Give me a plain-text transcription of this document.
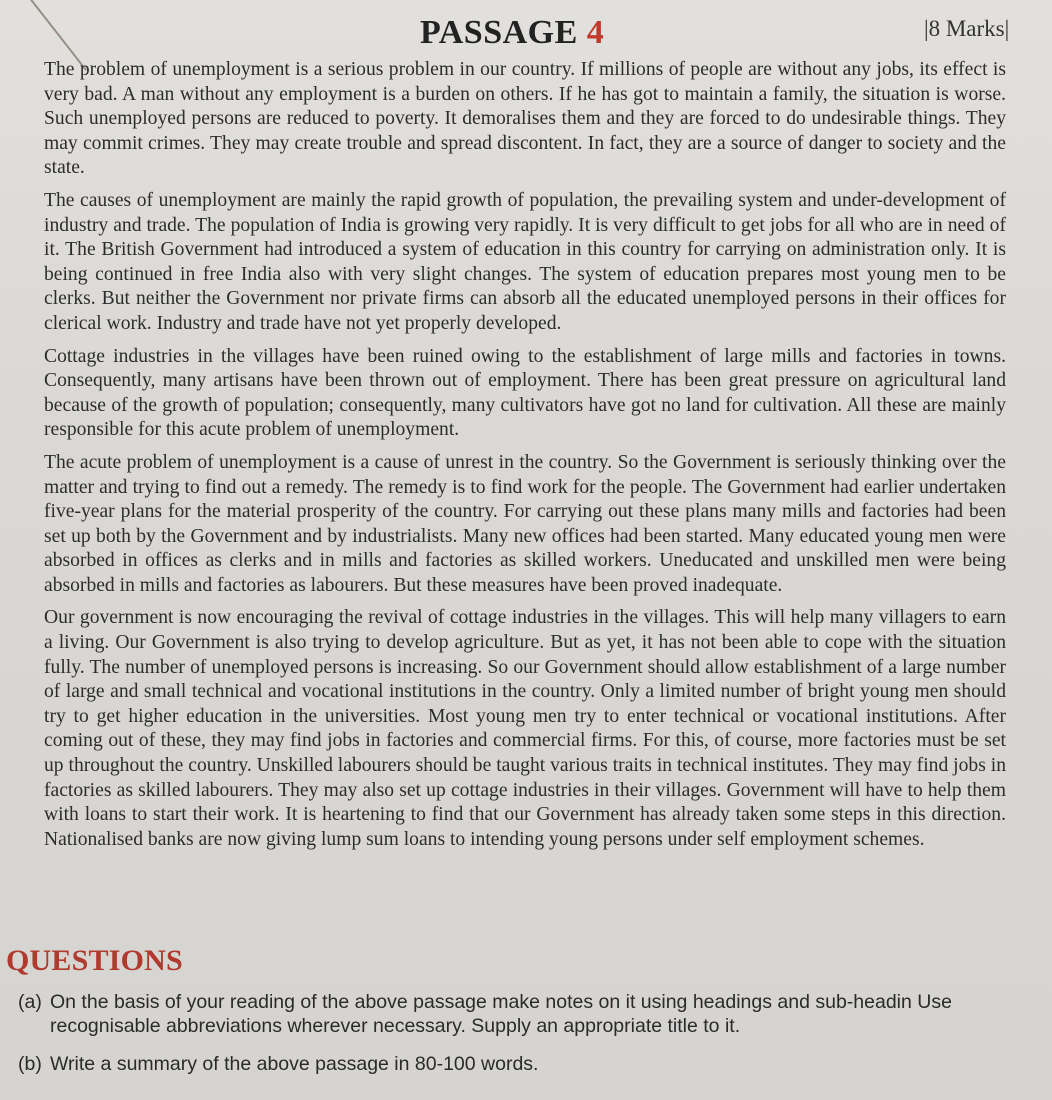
PASSAGE 4	|8 Marks|

The problem of unemployment is a serious problem in our country. If millions of people are without any jobs, its effect is very bad. A man without any employment is a burden on others. If he has got to maintain a family, the situation is worse. Such unemployed persons are reduced to poverty. It demoralises them and they are forced to do undesirable things. They may commit crimes. They may create trouble and spread discontent. In fact, they are a source of danger to society and the state.

The causes of unemployment are mainly the rapid growth of population, the prevailing system and under-development of industry and trade. The population of India is growing very rapidly. It is very difficult to get jobs for all who are in need of it. The British Government had introduced a system of education in this country for carrying on administration only. It is being continued in free India also with very slight changes. The system of education prepares most young men to be clerks. But neither the Government nor private firms can absorb all the educated unemployed persons in their offices for clerical work. Industry and trade have not yet properly developed.

Cottage industries in the villages have been ruined owing to the establishment of large mills and factories in towns. Consequently, many artisans have been thrown out of employment. There has been great pressure on agricultural land because of the growth of population; consequently, many cultivators have got no land for cultivation. All these are mainly responsible for this acute problem of unemployment.

The acute problem of unemployment is a cause of unrest in the country. So the Government is seriously thinking over the matter and trying to find out a remedy. The remedy is to find work for the people. The Government had earlier undertaken five-year plans for the material prosperity of the country. For carrying out these plans many mills and factories had been set up both by the Government and by industrialists. Many new offices had been started. Many educated young men were absorbed in offices as clerks and in mills and factories as skilled workers. Uneducated and unskilled men were being absorbed in mills and factories as labourers. But these measures have been proved inadequate.

Our government is now encouraging the revival of cottage industries in the villages. This will help many villagers to earn a living. Our Government is also trying to develop agriculture. But as yet, it has not been able to cope with the situation fully. The number of unemployed persons is increasing. So our Government should allow establishment of a large number of large and small technical and vocational institutions in the country. Only a limited number of bright young men should try to get higher education in the universities. Most young men try to enter technical or vocational institutions. After coming out of these, they may find jobs in factories and commercial firms. For this, of course, more factories must be set up throughout the country. Unskilled labourers should be taught various traits in technical institutes. They may find jobs in factories as skilled labourers. They may also set up cottage industries in their villages. Government will have to help them with loans to start their work. It is heartening to find that our Government has already taken some steps in this direction. Nationalised banks are now giving lump sum loans to intending young persons under self employment schemes.

QUESTIONS
(a) On the basis of your reading of the above passage make notes on it using headings and sub-headin Use recognisable abbreviations wherever necessary. Supply an appropriate title to it.
(b) Write a summary of the above passage in 80-100 words.
